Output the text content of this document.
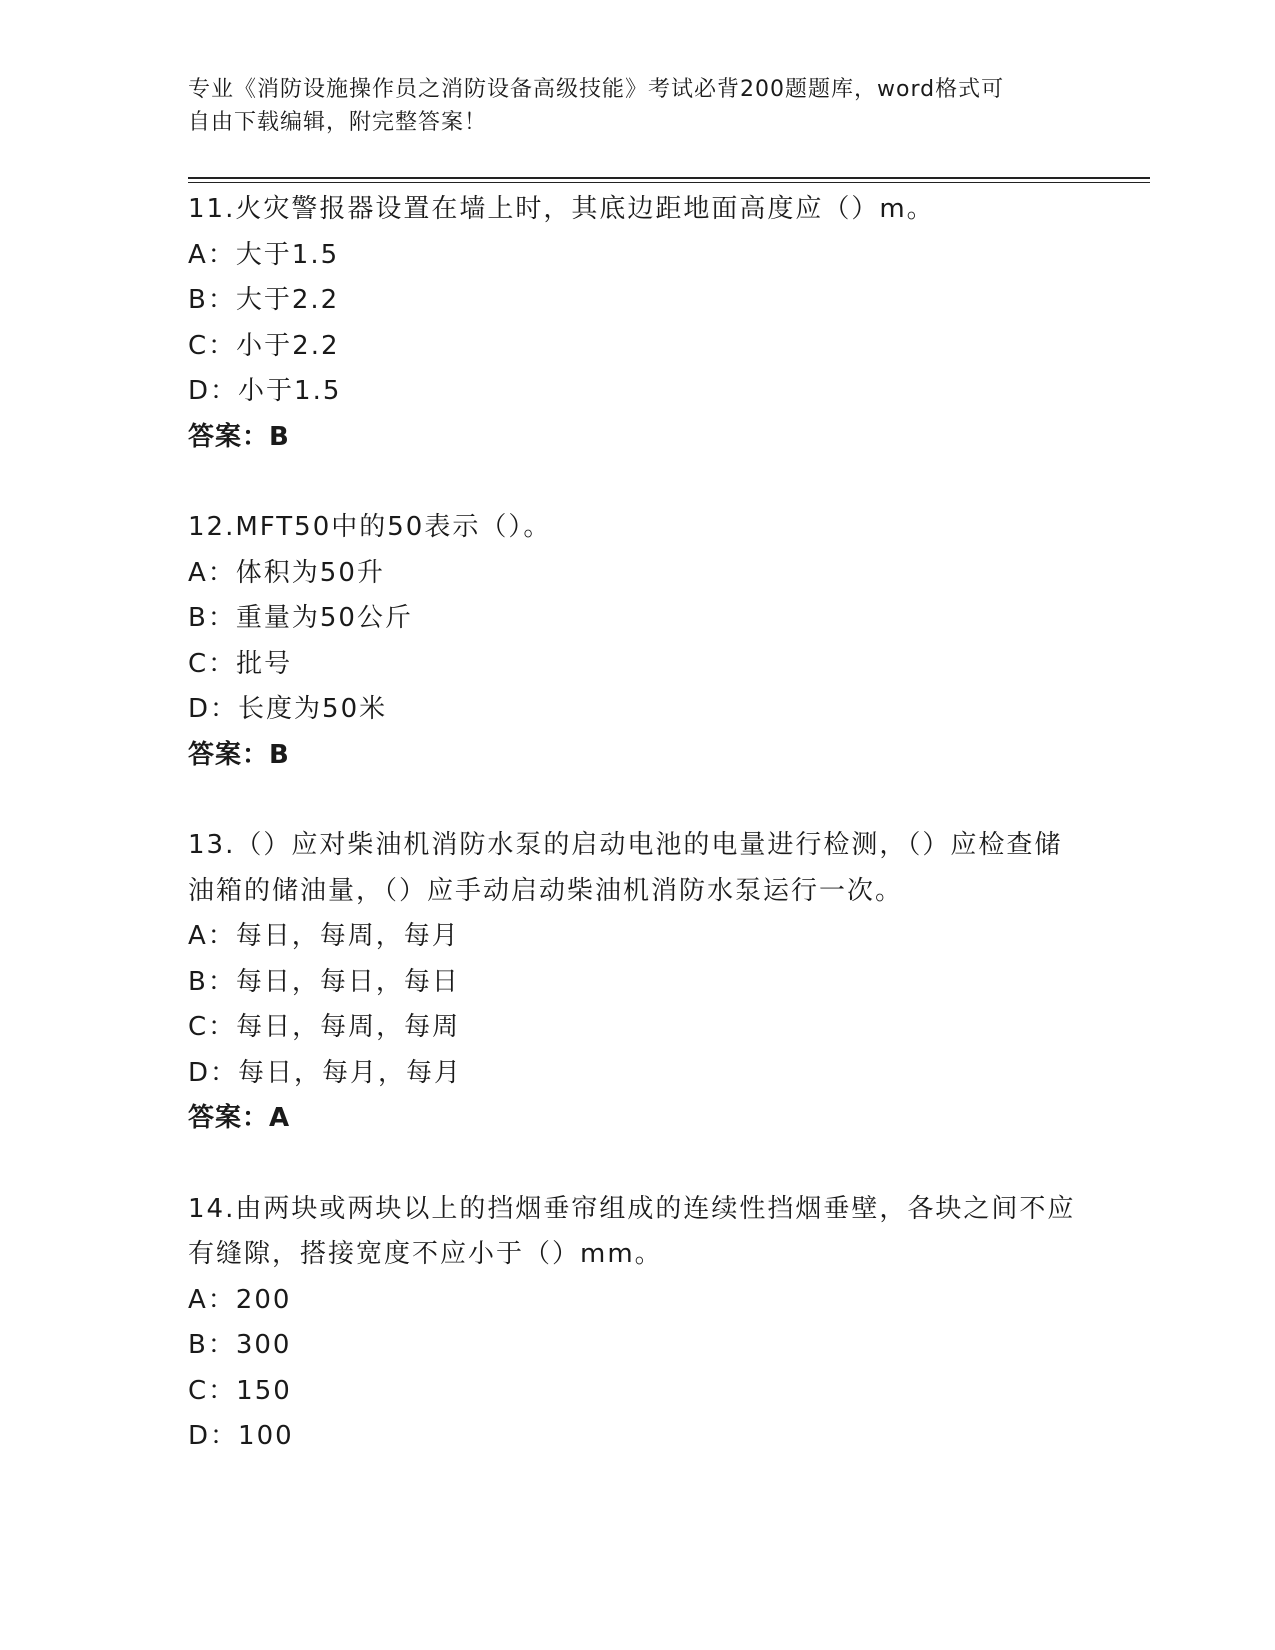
专业《消防设施操作员之消防设备高级技能》考试必背200题题库，word格式可
自由下载编辑，附完整答案！

11.火灾警报器设置在墙上时，其底边距地面高度应（）m。

A：大于1.5

B：大于2.2

C：小于2.2

D：小于1.5

答案：B

12.MFT50中的50表示（）。

A：体积为50升

B：重量为50公斤

C：批号

D：长度为50米

答案：B

13.（）应对柴油机消防水泵的启动电池的电量进行检测，（）应检查储油箱的储油量，（）应手动启动柴油机消防水泵运行一次。

A：每日，每周，每月

B：每日，每日，每日

C：每日，每周，每周

D：每日，每月，每月

答案：A

14.由两块或两块以上的挡烟垂帘组成的连续性挡烟垂壁，各块之间不应有缝隙，搭接宽度不应小于（）mm。

A：200

B：300

C：150

D：100
